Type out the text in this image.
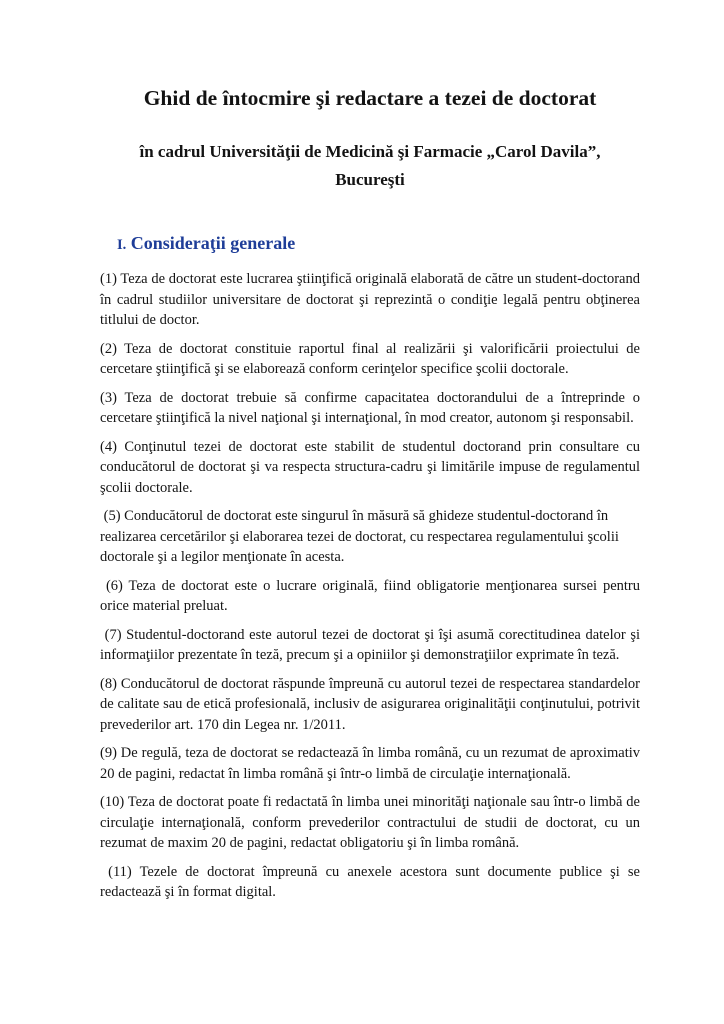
Ghid de întocmire şi redactare a tezei de doctorat
în cadrul Universităţii de Medicină şi Farmacie „Carol Davila”,
Bucureşti
I. Consideraţii generale

(1) Teza de doctorat este lucrarea ştiinţifică originală elaborată de către un student-doctorand în cadrul studiilor universitare de doctorat şi reprezintă o condiţie legală pentru obţinerea titlului de doctor.

(2) Teza de doctorat constituie raportul final al realizării şi valorificării proiectului de cercetare ştiinţifică şi se elaborează conform cerinţelor specifice şcolii doctorale.

(3) Teza de doctorat trebuie să confirme capacitatea doctorandului de a întreprinde o cercetare ştiinţifică la nivel naţional şi internaţional, în mod creator, autonom şi responsabil.

(4) Conţinutul tezei de doctorat este stabilit de studentul doctorand prin consultare cu conducătorul de doctorat şi va respecta structura-cadru şi limitările impuse de regulamentul şcolii doctorale.

(5) Conducătorul de doctorat este singurul în măsură să ghideze studentul-doctorand în realizarea cercetărilor şi elaborarea tezei de doctorat, cu respectarea regulamentului şcolii doctorale şi a legilor menţionate în acesta.

(6) Teza de doctorat este o lucrare originală, fiind obligatorie menţionarea sursei pentru orice material preluat.

(7) Studentul-doctorand este autorul tezei de doctorat şi îşi asumă corectitudinea datelor şi informaţiilor prezentate în teză, precum şi a opiniilor şi demonstraţiilor exprimate în teză.

(8) Conducătorul de doctorat răspunde împreună cu autorul tezei de respectarea standardelor de calitate sau de etică profesională, inclusiv de asigurarea originalităţii conţinutului, potrivit prevederilor art. 170 din Legea nr. 1/2011.

(9) De regulă, teza de doctorat se redactează în limba română, cu un rezumat de aproximativ 20 de pagini, redactat în limba română şi într-o limbă de circulaţie internaţională.

(10) Teza de doctorat poate fi redactată în limba unei minorităţi naţionale sau într-o limbă de circulaţie internaţională, conform prevederilor contractului de studii de doctorat, cu un rezumat de maxim 20 de pagini, redactat obligatoriu şi în limba română.

(11) Tezele de doctorat împreună cu anexele acestora sunt documente publice şi se redactează şi în format digital.
